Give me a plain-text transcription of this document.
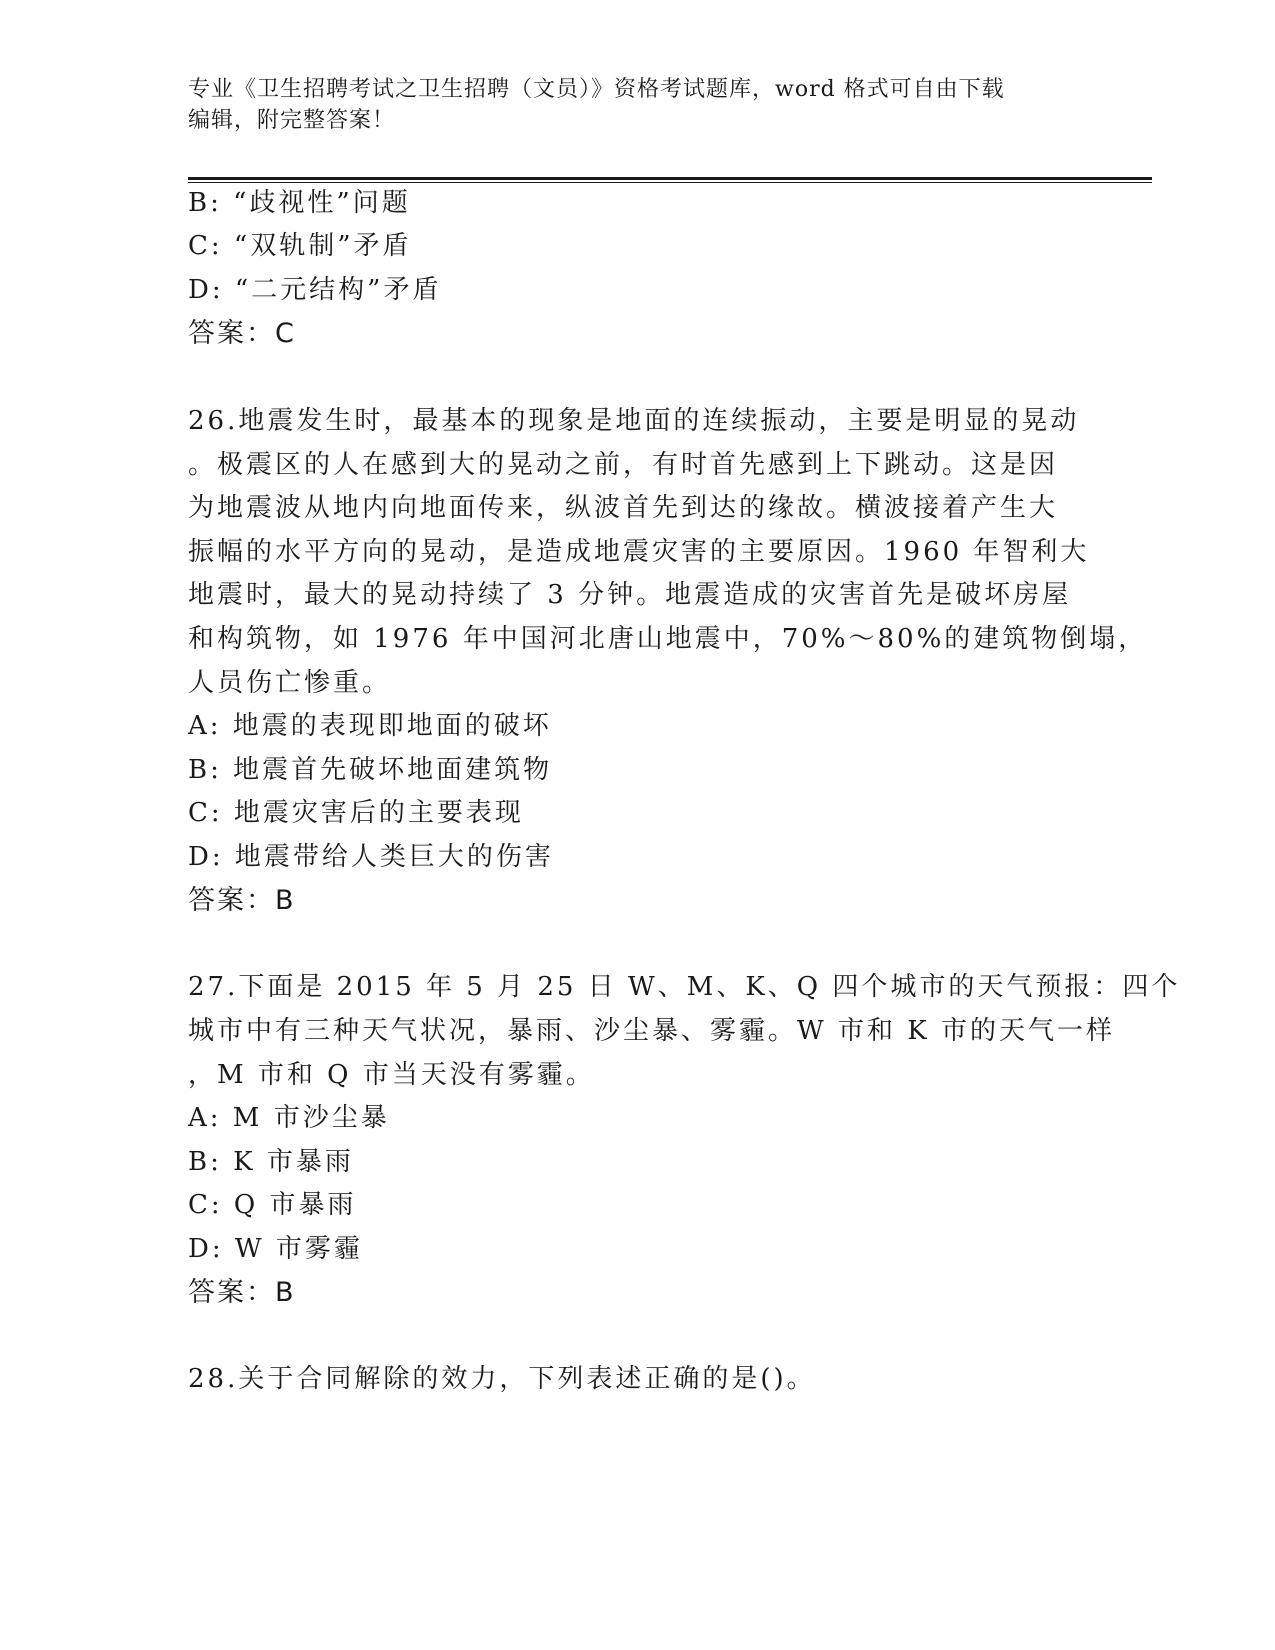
专业《卫生招聘考试之卫生招聘（文员）》资格考试题库，word 格式可自由下载
编辑，附完整答案！
B: “歧视性”问题
C: “双轨制”矛盾
D: “二元结构”矛盾
答案：C
26.地震发生时，最基本的现象是地面的连续振动，主要是明显的晃动
。极震区的人在感到大的晃动之前，有时首先感到上下跳动。这是因
为地震波从地内向地面传来，纵波首先到达的缘故。横波接着产生大
振幅的水平方向的晃动，是造成地震灾害的主要原因。1960 年智利大
地震时，最大的晃动持续了 3 分钟。地震造成的灾害首先是破坏房屋
和构筑物，如 1976 年中国河北唐山地震中，70%～80%的建筑物倒塌，
人员伤亡惨重。
A: 地震的表现即地面的破坏
B: 地震首先破坏地面建筑物
C: 地震灾害后的主要表现
D: 地震带给人类巨大的伤害
答案：B
27.下面是 2015 年 5 月 25 日 W、M、K、Q 四个城市的天气预报：四个
城市中有三种天气状况，暴雨、沙尘暴、雾霾。W 市和 K 市的天气一样
，M 市和 Q 市当天没有雾霾。
A: M 市沙尘暴
B: K 市暴雨
C: Q 市暴雨
D: W 市雾霾
答案：B
28.关于合同解除的效力，下列表述正确的是()。
